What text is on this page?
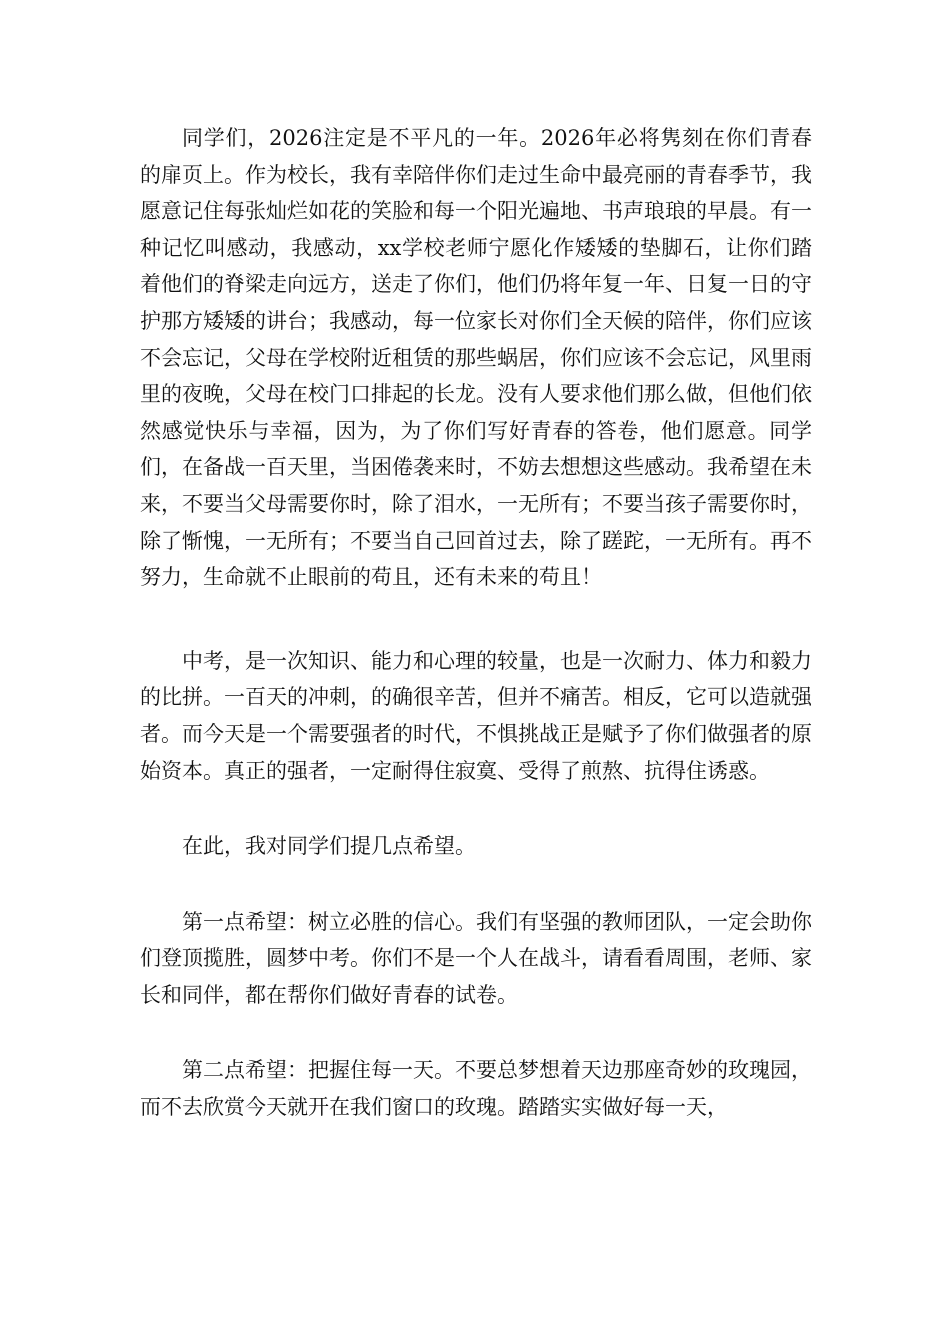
同学们，2026注定是不平凡的一年。2026年必将隽刻在你们青春的扉页上。作为校长，我有幸陪伴你们走过生命中最亮丽的青春季节，我愿意记住每张灿烂如花的笑脸和每一个阳光遍地、书声琅琅的早晨。有一种记忆叫感动，我感动，xx学校老师宁愿化作矮矮的垫脚石，让你们踏着他们的脊梁走向远方，送走了你们，他们仍将年复一年、日复一日的守护那方矮矮的讲台；我感动，每一位家长对你们全天候的陪伴，你们应该不会忘记，父母在学校附近租赁的那些蜗居，你们应该不会忘记，风里雨里的夜晚，父母在校门口排起的长龙。没有人要求他们那么做，但他们依然感觉快乐与幸福，因为，为了你们写好青春的答卷，他们愿意。同学们，在备战一百天里，当困倦袭来时，不妨去想想这些感动。我希望在未来，不要当父母需要你时，除了泪水，一无所有；不要当孩子需要你时，除了惭愧，一无所有；不要当自己回首过去，除了蹉跎，一无所有。再不努力，生命就不止眼前的苟且，还有未来的苟且！

中考，是一次知识、能力和心理的较量，也是一次耐力、体力和毅力的比拼。一百天的冲刺，的确很辛苦，但并不痛苦。相反，它可以造就强者。而今天是一个需要强者的时代，不惧挑战正是赋予了你们做强者的原始资本。真正的强者，一定耐得住寂寞、受得了煎熬、抗得住诱惑。

在此，我对同学们提几点希望。

第一点希望：树立必胜的信心。我们有坚强的教师团队，一定会助你们登顶揽胜，圆梦中考。你们不是一个人在战斗，请看看周围，老师、家长和同伴，都在帮你们做好青春的试卷。

第二点希望：把握住每一天。不要总梦想着天边那座奇妙的玫瑰园，而不去欣赏今天就开在我们窗口的玫瑰。踏踏实实做好每一天，
